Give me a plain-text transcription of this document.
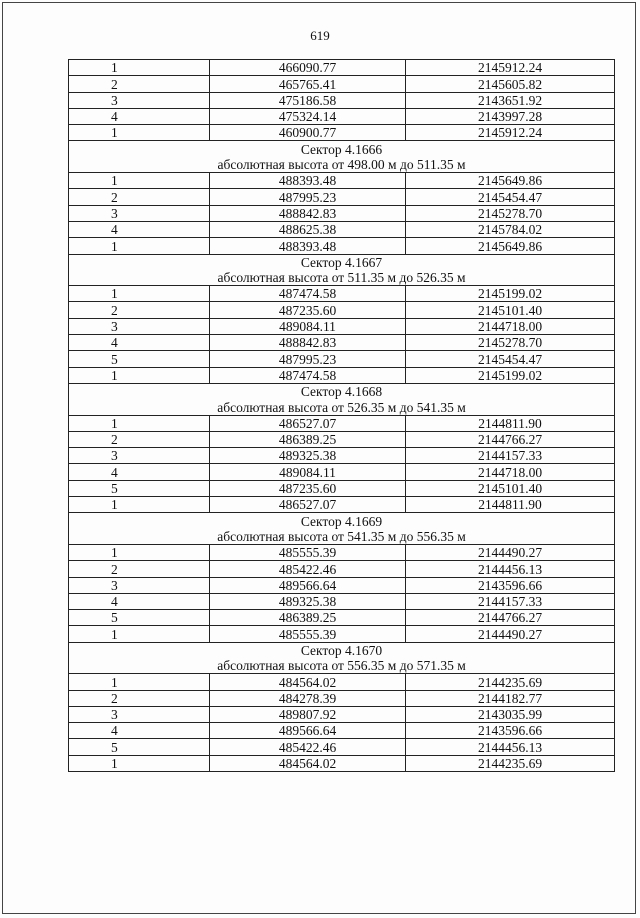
619
1	466090.77	2145912.24
2	465765.41	2145605.82
3	475186.58	2143651.92
4	475324.14	2143997.28
1	460900.77	2145912.24
Сектор 4.1666		
абсолютная высота от 498.00 м до 511.35 м		
1	488393.48	2145649.86
2	487995.23	2145454.47
3	488842.83	2145278.70
4	488625.38	2145784.02
1	488393.48	2145649.86
Сектор 4.1667		
абсолютная высота от 511.35 м до 526.35 м		
1	487474.58	2145199.02
2	487235.60	2145101.40
3	489084.11	2144718.00
4	488842.83	2145278.70
5	487995.23	2145454.47
1	487474.58	2145199.02
Сектор 4.1668		
абсолютная высота от 526.35 м до 541.35 м		
1	486527.07	2144811.90
2	486389.25	2144766.27
3	489325.38	2144157.33
4	489084.11	2144718.00
5	487235.60	2145101.40
1	486527.07	2144811.90
Сектор 4.1669		
абсолютная высота от 541.35 м до 556.35 м		
1	485555.39	2144490.27
2	485422.46	2144456.13
3	489566.64	2143596.66
4	489325.38	2144157.33
5	486389.25	2144766.27
1	485555.39	2144490.27
Сектор 4.1670		
абсолютная высота от 556.35 м до 571.35 м		
1	484564.02	2144235.69
2	484278.39	2144182.77
3	489807.92	2143035.99
4	489566.64	2143596.66
5	485422.46	2144456.13
1	484564.02	2144235.69
